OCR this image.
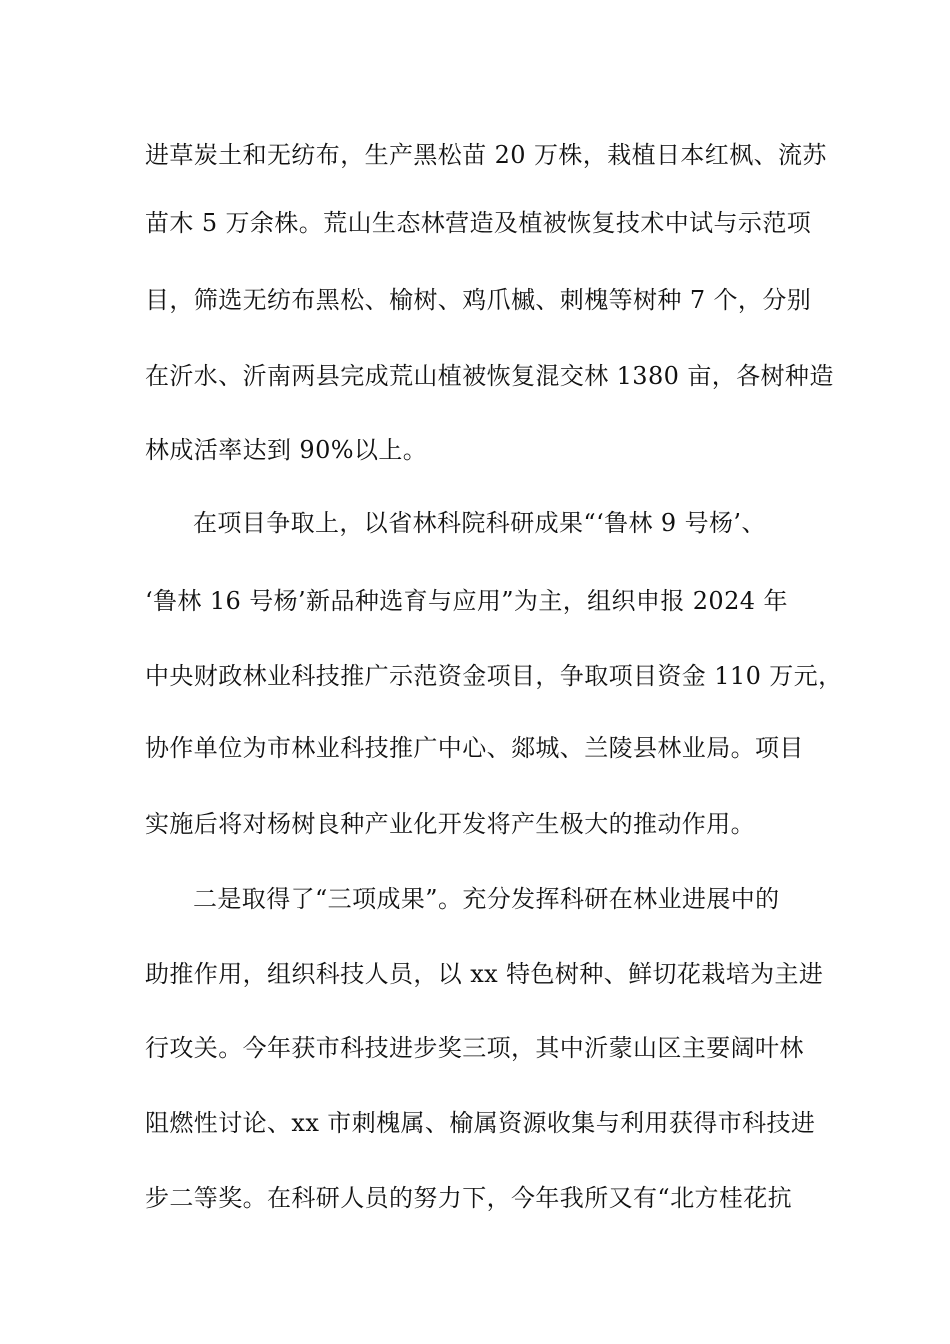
进草炭土和无纺布，生产黑松苗 20 万株，栽植日本红枫、流苏
苗木 5 万余株。荒山生态林营造及植被恢复技术中试与示范项
目，筛选无纺布黑松、榆树、鸡爪槭、刺槐等树种 7 个，分别
在沂水、沂南两县完成荒山植被恢复混交林 1380 亩，各树种造
林成活率达到 90%以上。
在项目争取上，以省林科院科研成果“‘鲁林 9 号杨’、
‘鲁林 16 号杨’新品种选育与应用”为主，组织申报 2024 年
中央财政林业科技推广示范资金项目，争取项目资金 110 万元，
协作单位为市林业科技推广中心、郯城、兰陵县林业局。项目
实施后将对杨树良种产业化开发将产生极大的推动作用。
二是取得了“三项成果”。充分发挥科研在林业进展中的
助推作用，组织科技人员，以 xx 特色树种、鲜切花栽培为主进
行攻关。今年获市科技进步奖三项，其中沂蒙山区主要阔叶林
阻燃性讨论、xx 市刺槐属、榆属资源收集与利用获得市科技进
步二等奖。在科研人员的努力下，今年我所又有“北方桂花抗
